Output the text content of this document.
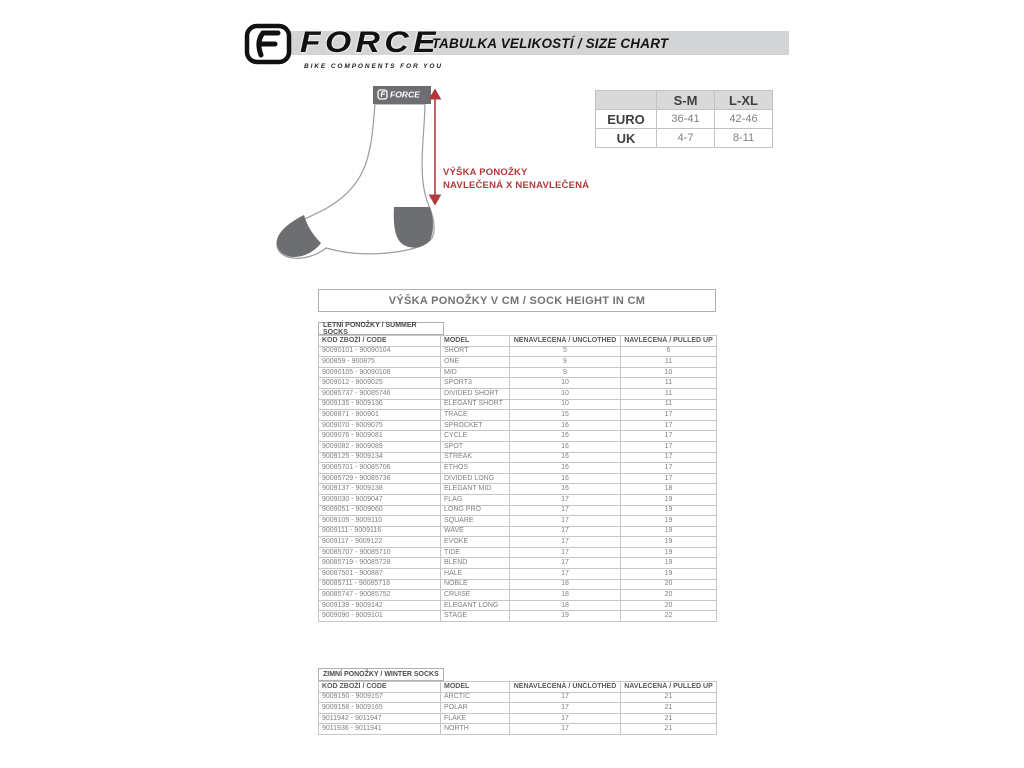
TABULKA VELIKOSTÍ / SIZE CHART
FORCE
BIKE COMPONENTS FOR YOU
FORCE
VÝŠKA PONOŽKY
NAVLEČENÁ X NENAVLEČENÁ
	S-M	L-XL
EURO	36-41	42-46
UK	4-7	8-11
VÝŠKA PONOŽKY V CM / SOCK HEIGHT IN CM
LETNÍ PONOŽKY / SUMMER SOCKS
KÓD ZBOŽÍ / CODE	MODEL	NENAVLEČENÁ / UNCLOTHED	NAVLEČENÁ / PULLED UP
90090101 - 90090104	SHORT	5	6
900859 - 900875	ONE	9	11
90090105 - 90090108	MID	9	10
9009012 - 9009025	SPORT3	10	11
90085737 - 90085746	DIVIDED SHORT	10	11
9009135 - 9009136	ELEGANT SHORT	10	11
9008871 - 900901	TRACE	15	17
9009070 - 9009075	SPROCKET	16	17
9009076 - 9009081	CYCLE	16	17
9009082 - 9009089	SPOT	16	17
9009125 - 9009134	STREAK	16	17
90085701 - 90085706	ETHOS	16	17
90085729 - 90085736	DIVIDED LONG	16	17
9009137 - 9009138	ELEGANT MID	16	18
9009030 - 9009047	FLAG	17	19
9009051 - 9009060	LONG PRO	17	19
9009105 - 9009110	SQUARE	17	19
9009111 - 9009116	WAVE	17	19
9009117 - 9009122	EVOKE	17	19
90085707 - 90085710	TIDE	17	19
90085719 - 90085728	BLEND	17	19
90087501 - 900887	HALE	17	19
90085711 - 90085718	NOBLE	18	20
90085747 - 90085752	CRUISE	18	20
9009139 - 9009142	ELEGANT LONG	18	20
9009090 - 9009101	STAGE	19	22
ZIMNÍ PONOŽKY / WINTER SOCKS
KÓD ZBOŽÍ / CODE	MODEL	NENAVLEČENÁ / UNCLOTHED	NAVLEČENÁ / PULLED UP
9009150 - 9009157	ARCTIC	17	21
9009158 - 9009165	POLAR	17	21
9011942 - 9011947	FLAKE	17	21
9011936 - 9011941	NORTH	17	21
